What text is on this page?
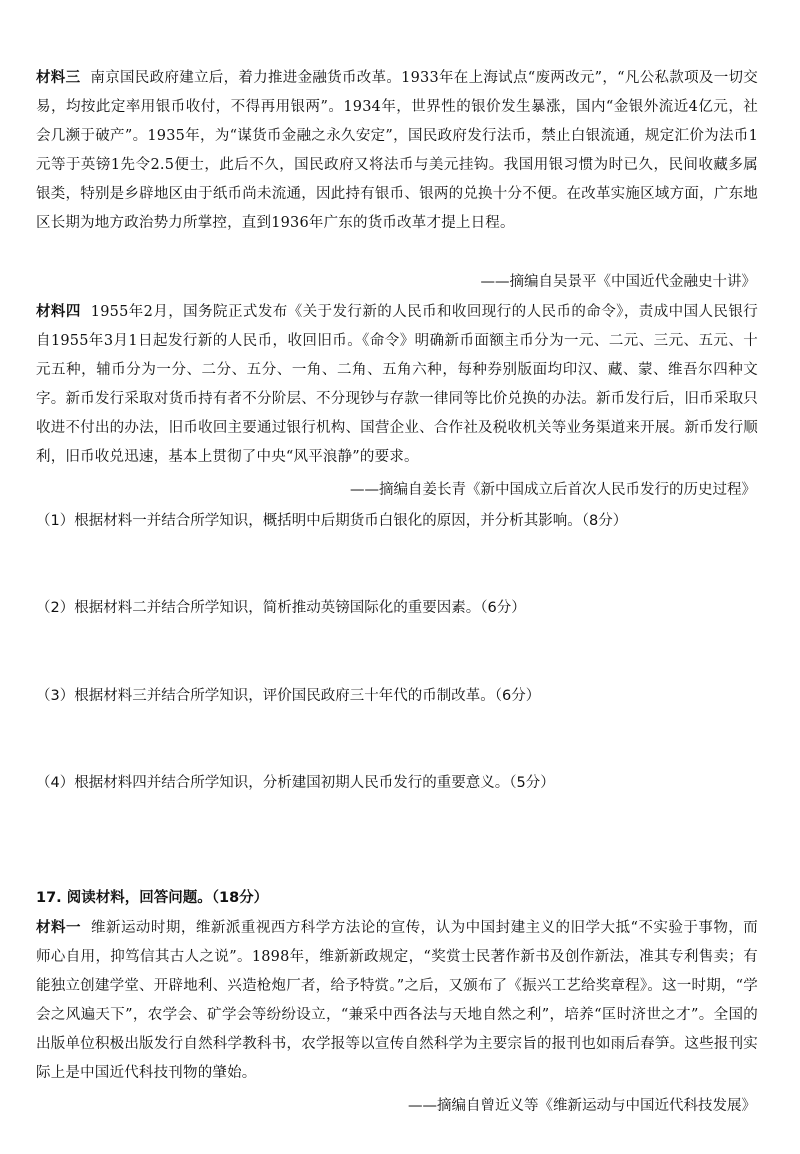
材料三 南京国民政府建立后，着力推进金融货币改革。1933年在上海试点“废两改元”，“凡公私款项及一切交易，均按此定率用银币收付，不得再用银两”。1934年，世界性的银价发生暴涨，国内“金银外流近4亿元，社会几濒于破产”。1935年，为“谋货币金融之永久安定”，国民政府发行法币，禁止白银流通，规定汇价为法币1元等于英镑1先令2.5便士，此后不久，国民政府又将法币与美元挂钩。我国用银习惯为时已久，民间收藏多属银类，特别是乡辟地区由于纸币尚未流通，因此持有银币、银两的兑换十分不便。在改革实施区域方面，广东地区长期为地方政治势力所掌控，直到1936年广东的货币改革才提上日程。
——摘编自吴景平《中国近代金融史十讲》
材料四 1955年2月，国务院正式发布《关于发行新的人民币和收回现行的人民币的命令》，责成中国人民银行自1955年3月1日起发行新的人民币，收回旧币。《命令》明确新币面额主币分为一元、二元、三元、五元、十元五种，辅币分为一分、二分、五分、一角、二角、五角六种，每种券别版面均印汉、藏、蒙、维吾尔四种文字。新币发行采取对货币持有者不分阶层、不分现钞与存款一律同等比价兑换的办法。新币发行后，旧币采取只收进不付出的办法，旧币收回主要通过银行机构、国营企业、合作社及税收机关等业务渠道来开展。新币发行顺利，旧币收兑迅速，基本上贯彻了中央“风平浪静”的要求。
——摘编自姜长青《新中国成立后首次人民币发行的历史过程》
（1）根据材料一并结合所学知识，概括明中后期货币白银化的原因，并分析其影响。（8分）
（2）根据材料二并结合所学知识，简析推动英镑国际化的重要因素。（6分）
（3）根据材料三并结合所学知识，评价国民政府三十年代的币制改革。（6分）
（4）根据材料四并结合所学知识，分析建国初期人民币发行的重要意义。（5分）
17. 阅读材料，回答问题。（18分）
材料一 维新运动时期，维新派重视西方科学方法论的宣传，认为中国封建主义的旧学大抵“不实验于事物，而师心自用，抑笃信其古人之说”。1898年，维新新政规定，“奖赏士民著作新书及创作新法，准其专利售卖；有能独立创建学堂、开辟地利、兴造枪炮厂者，给予特赏。”之后，又颁布了《振兴工艺给奖章程》。这一时期，“学会之风遍天下”，农学会、矿学会等纷纷设立，“兼采中西各法与天地自然之利”，培养“匡时济世之才”。全国的出版单位积极出版发行自然科学教科书，农学报等以宣传自然科学为主要宗旨的报刊也如雨后春笋。这些报刊实际上是中国近代科技刊物的肇始。
——摘编自曾近义等《维新运动与中国近代科技发展》
